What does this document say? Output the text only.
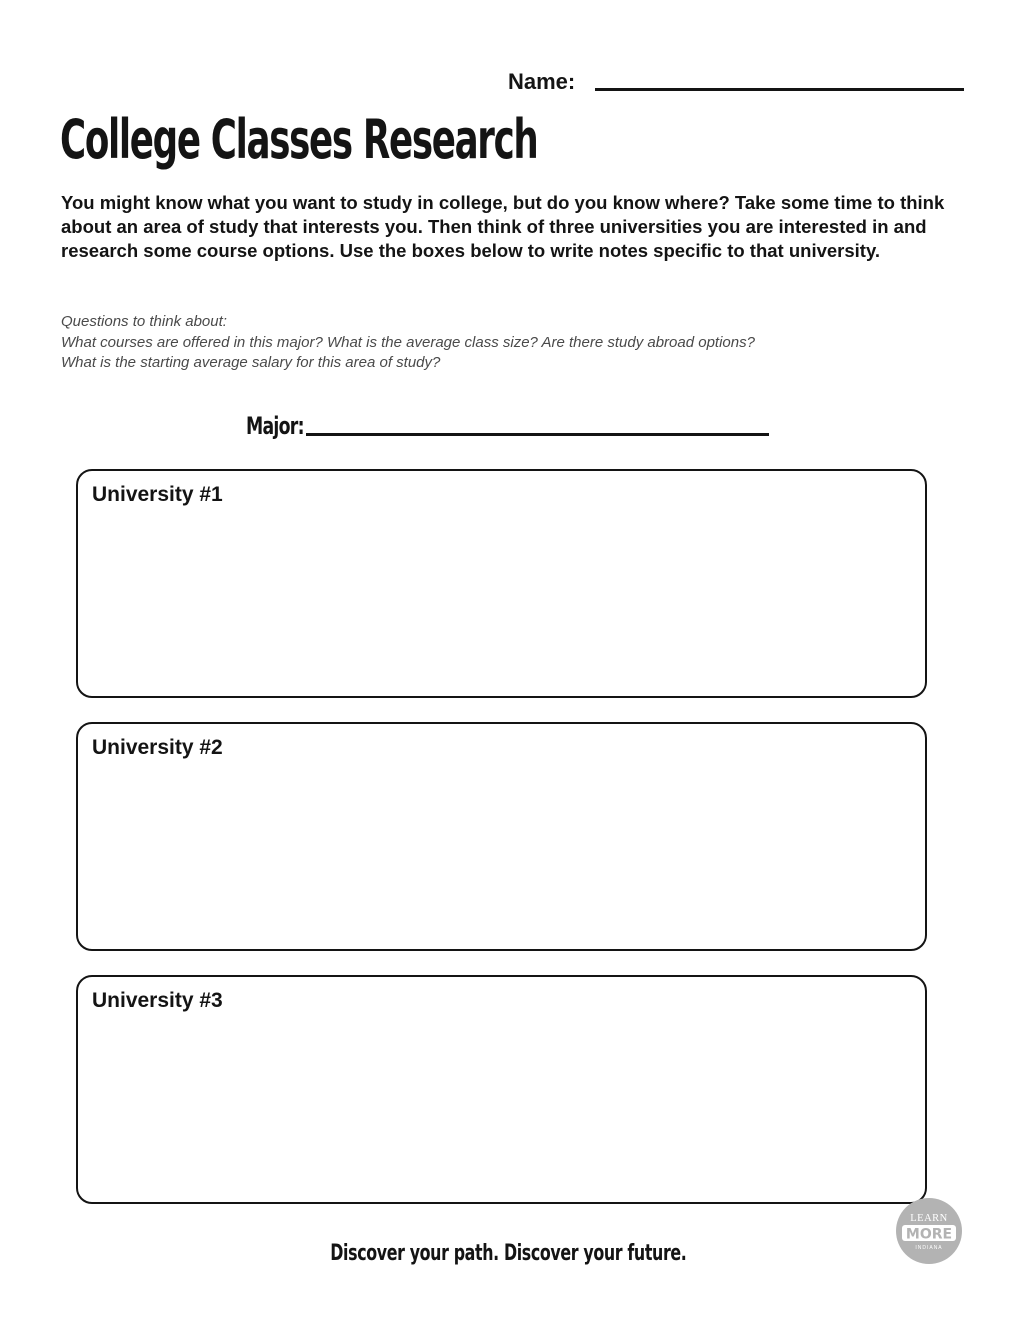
Name:
College Classes Research

You might know what you want to study in college, but do you know where? Take some time to think about an area of study that interests you. Then think of three universities you are interested in and research some course options. Use the boxes below to write notes specific to that university.

Questions to think about:
What courses are offered in this major? What is the average class size? Are there study abroad options?
What is the starting average salary for this area of study?
Major:
University #1
University #2
University #3
Discover your path. Discover your future.
LEARN
MORE
INDIANA
